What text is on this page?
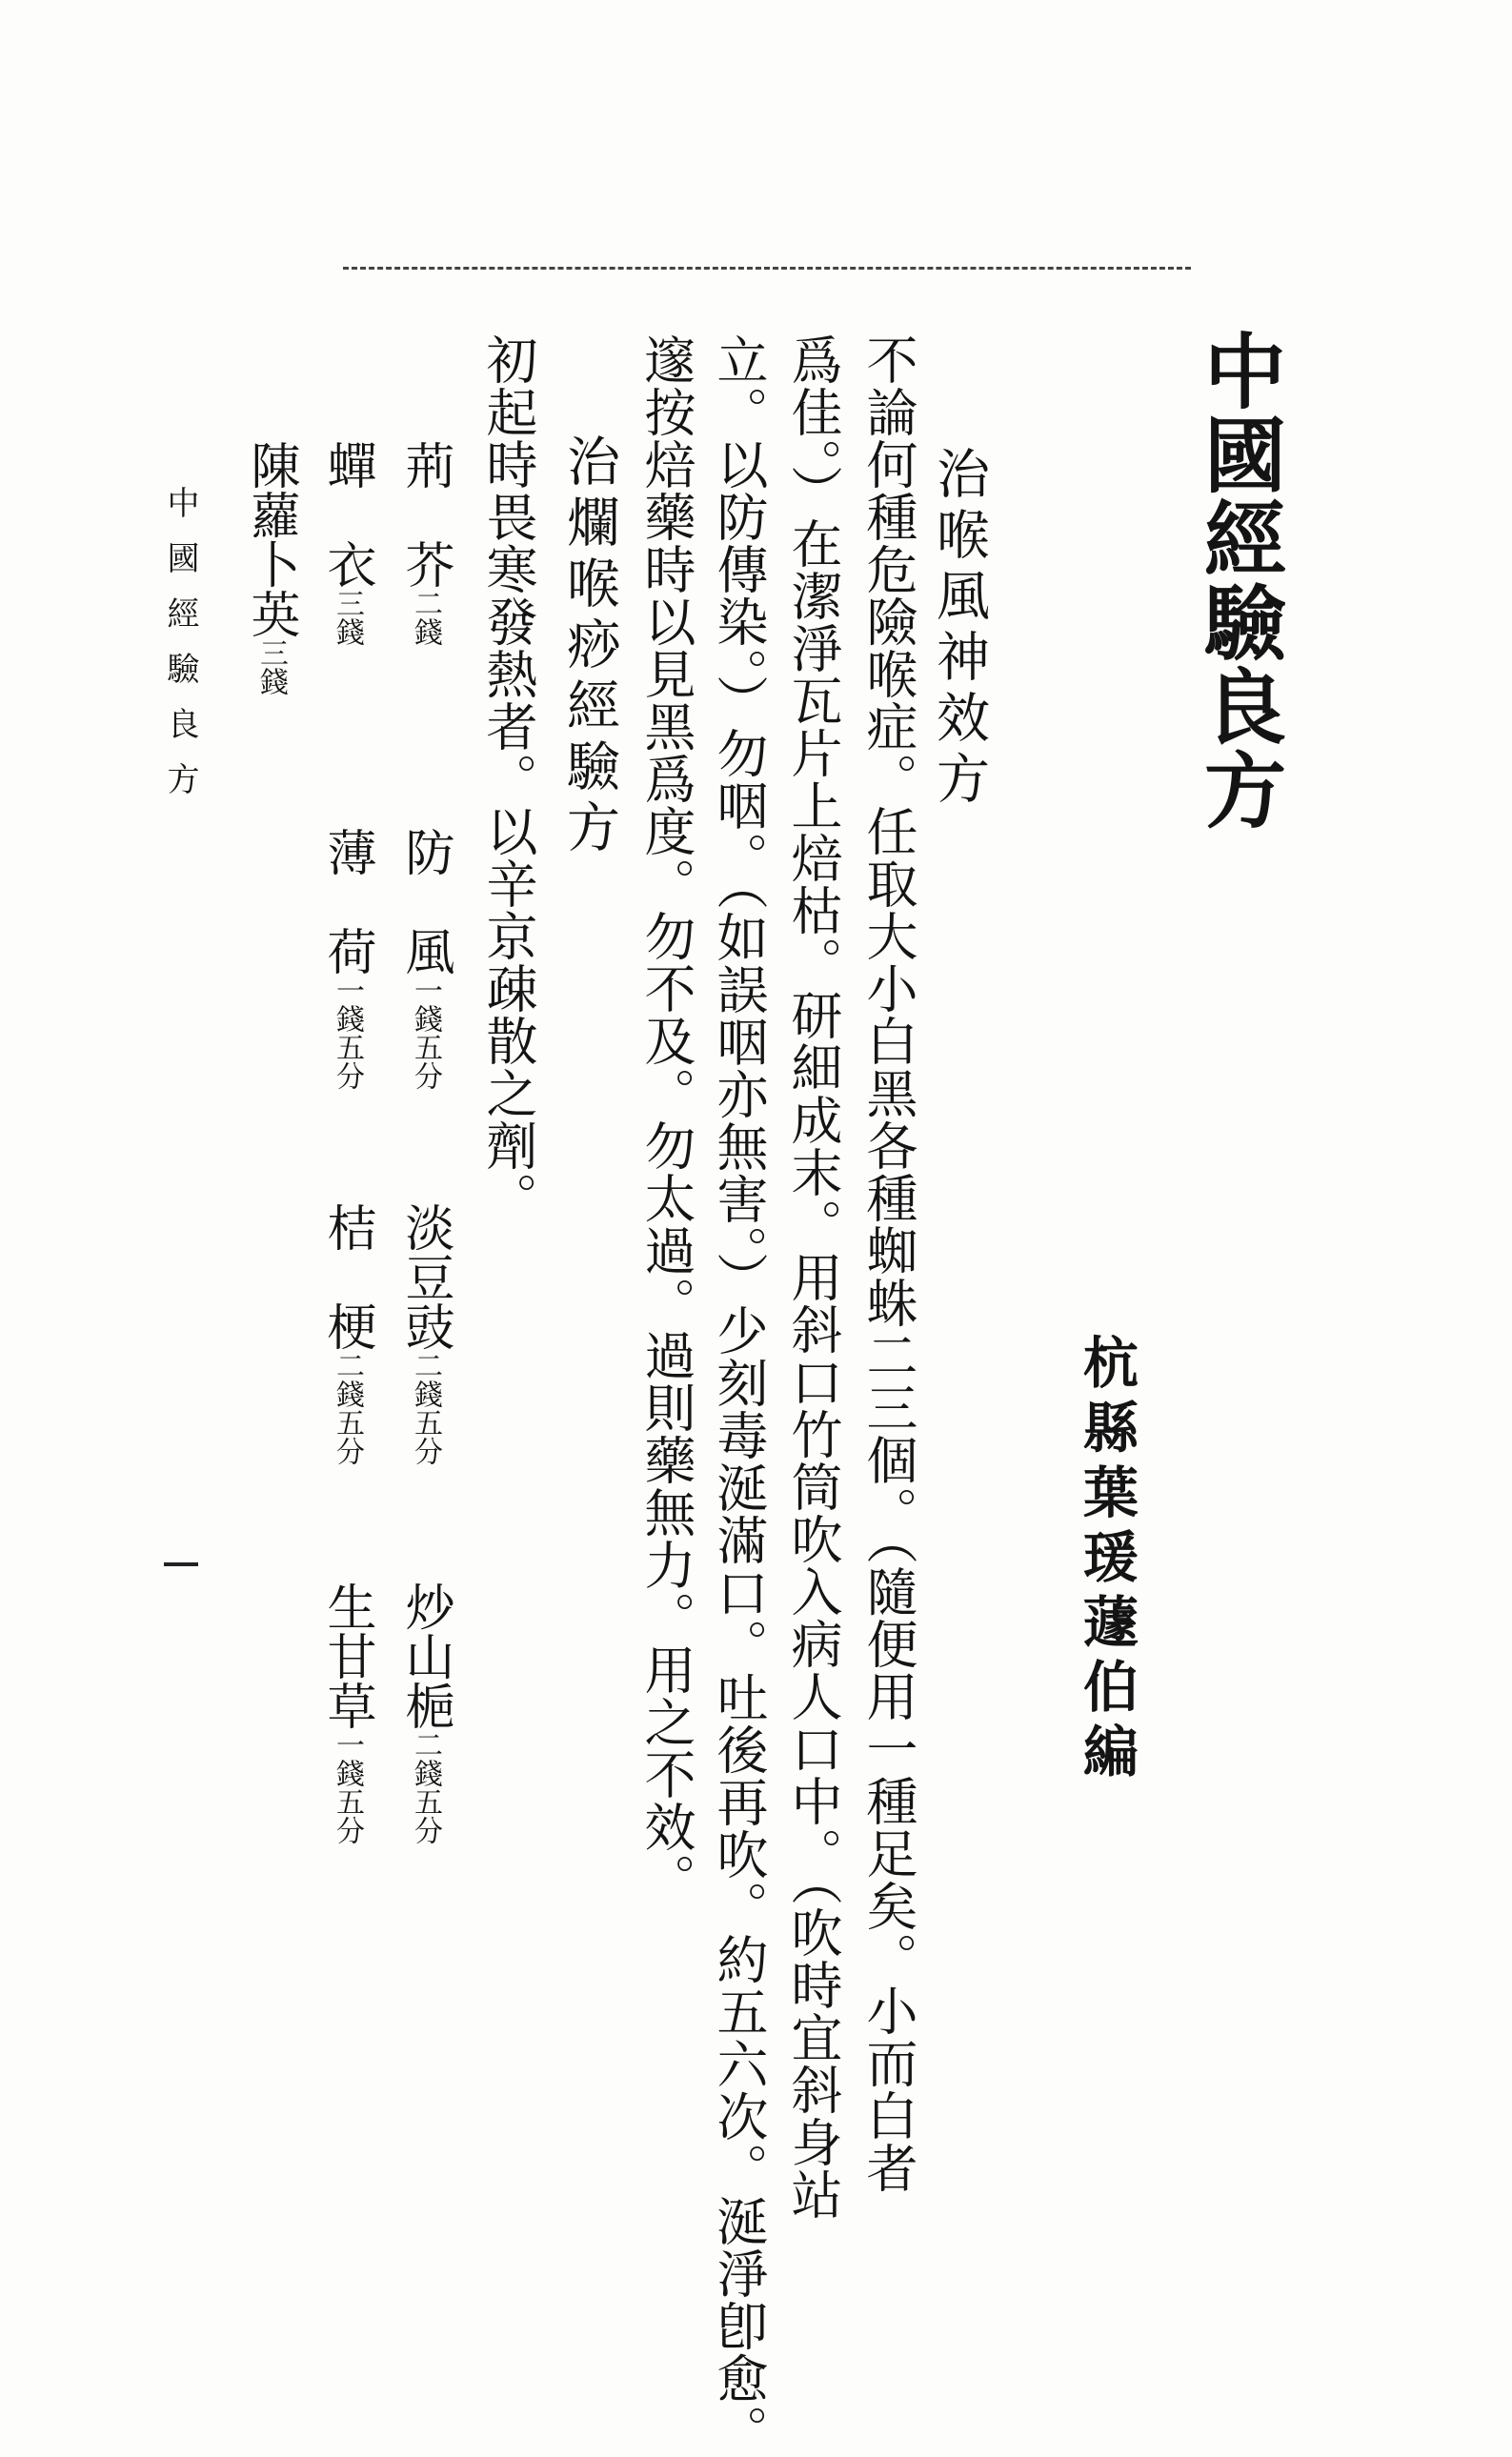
中國經驗良方
杭縣葉瑗蘧伯編
治喉風神效方
不論何種危險喉症。任取大小白黑各種蜘蛛二三個。（隨便用一種足矣。小而白者
爲佳。）在潔淨瓦片上焙枯。研細成末。用斜口竹筒吹入病人口中。（吹時宜斜身站
立。以防傳染。）勿咽。（如誤咽亦無害。）少刻毒涎滿口。吐後再吹。約五六次。涎淨卽愈。
邃按焙藥時以見黑爲度。勿不及。勿太過。過則藥無力。用之不效。
治爛喉痧經驗方
初起時畏寒發熱者。以辛京疎散之劑。
荊　芥二錢
防　風一錢五分
淡豆豉二錢五分
炒山梔二錢五分
蟬　衣三錢
薄　荷一錢五分
桔　梗二錢五分
生甘草一錢五分
陳蘿卜英三錢
中國經驗良方
